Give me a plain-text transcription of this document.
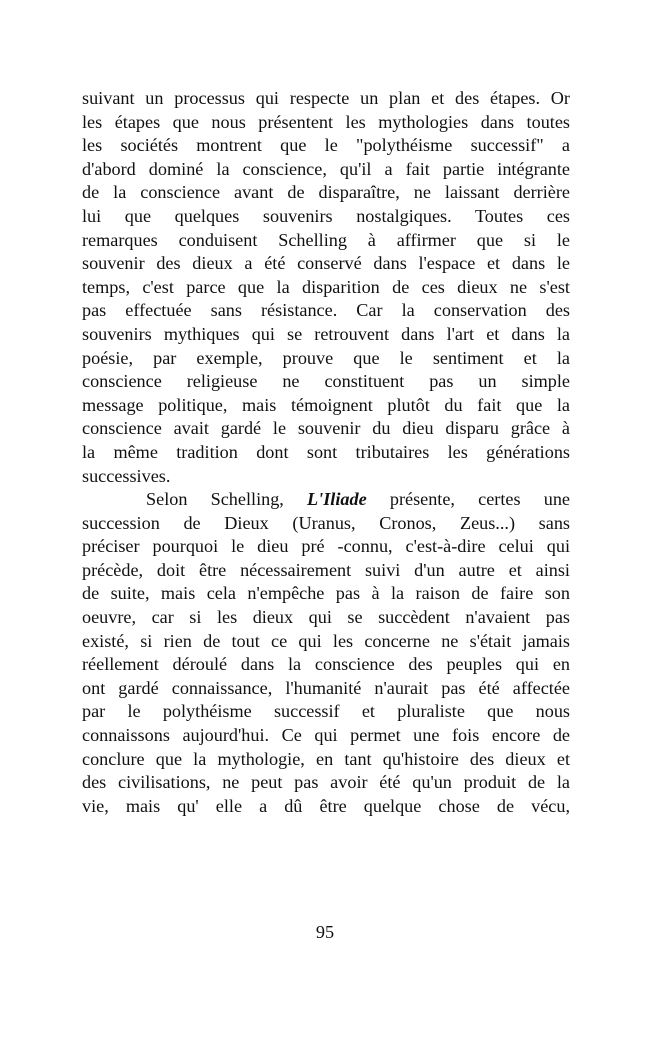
suivant un processus qui respecte un plan et des étapes. Or
les étapes que nous présentent les mythologies dans toutes
les sociétés montrent que le "polythéisme successif" a
d'abord dominé la conscience, qu'il a fait partie intégrante
de la conscience avant de disparaître, ne laissant derrière
lui que quelques souvenirs nostalgiques. Toutes ces
remarques conduisent Schelling à affirmer que si le
souvenir des dieux a été conservé dans l'espace et dans le
temps, c'est parce que la disparition de ces dieux ne s'est
pas effectuée sans résistance. Car la conservation des
souvenirs mythiques qui se retrouvent dans l'art et dans la
poésie, par exemple, prouve que le sentiment et la
conscience religieuse ne constituent pas un simple
message politique, mais témoignent plutôt du fait que la
conscience avait gardé le souvenir du dieu disparu grâce à
la même tradition dont sont tributaires les générations
successives.
Selon Schelling, L'Iliade présente, certes une
succession de Dieux (Uranus, Cronos, Zeus...) sans
préciser pourquoi le dieu pré -connu, c'est-à-dire celui qui
précède, doit être nécessairement suivi d'un autre et ainsi
de suite, mais cela n'empêche pas à la raison de faire son
oeuvre, car si les dieux qui se succèdent n'avaient pas
existé, si rien de tout ce qui les concerne ne s'était jamais
réellement déroulé dans la conscience des peuples qui en
ont gardé connaissance, l'humanité n'aurait pas été affectée
par le polythéisme successif et pluraliste que nous
connaissons aujourd'hui. Ce qui permet une fois encore de
conclure que la mythologie, en tant qu'histoire des dieux et
des civilisations, ne peut pas avoir été qu'un produit de la
vie, mais qu' elle a dû être quelque chose de vécu,
95
